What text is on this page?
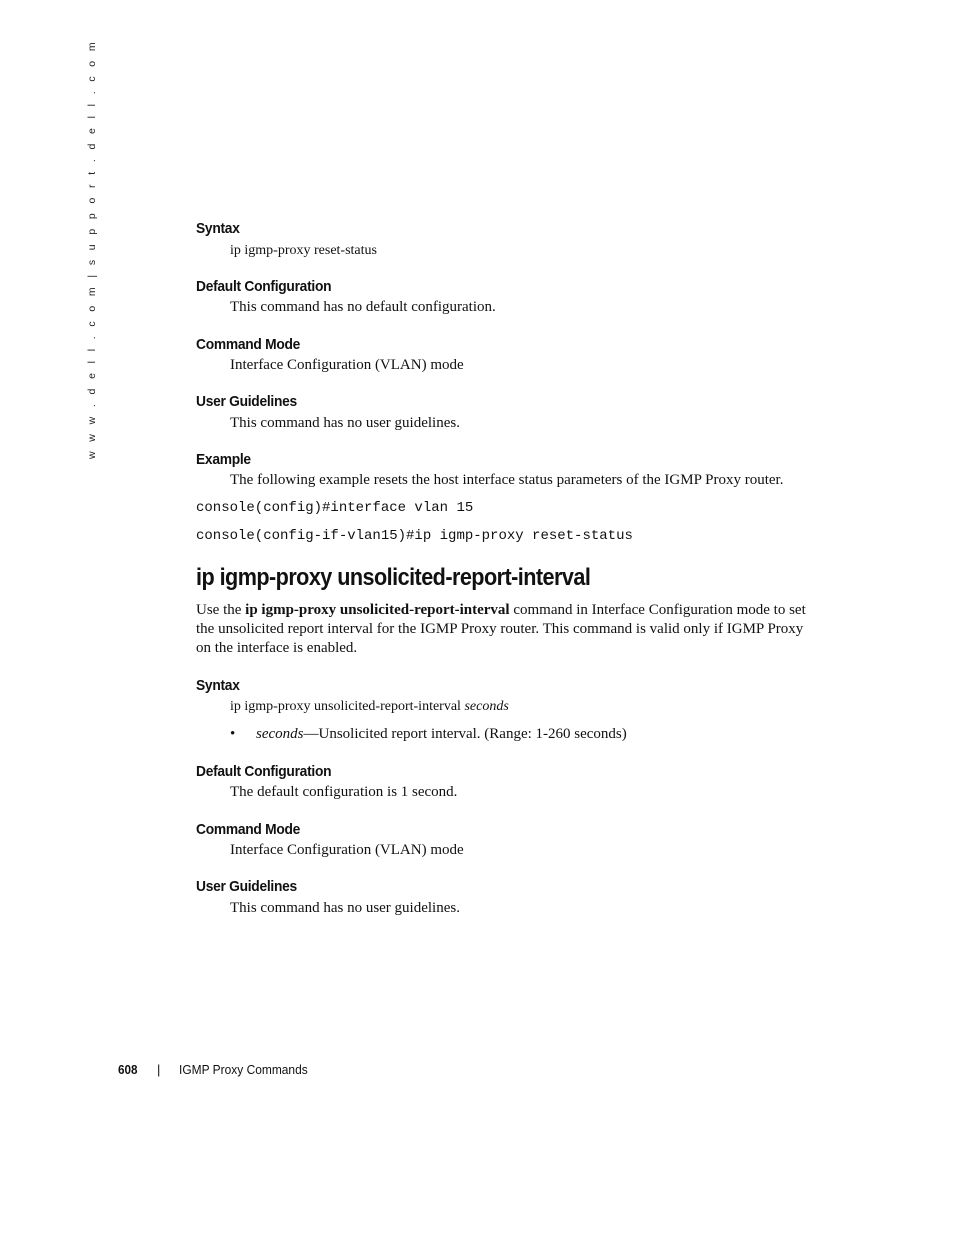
w w w . d e l l . c o m | s u p p o r t . d e l l . c o m	Syntax
ip igmp-proxy reset-status
Default Configuration
This command has no default configuration.
Command Mode
Interface Configuration (VLAN) mode
User Guidelines
This command has no user guidelines.
Example
The following example resets the host interface status parameters of the IGMP Proxy router.
console(config)#interface vlan 15
console(config-if-vlan15)#ip igmp-proxy reset-status
ip igmp-proxy unsolicited-report-interval
Use the ip igmp-proxy unsolicited-report-interval command in Interface Configuration mode to set the unsolicited report interval for the IGMP Proxy router. This command is valid only if IGMP Proxy on the interface is enabled.
Syntax
ip igmp-proxy unsolicited-report-interval seconds
• seconds—Unsolicited report interval. (Range: 1-260 seconds)
Default Configuration
The default configuration is 1 second.
Command Mode
Interface Configuration (VLAN) mode
User Guidelines
This command has no user guidelines.
608 | IGMP Proxy Commands
